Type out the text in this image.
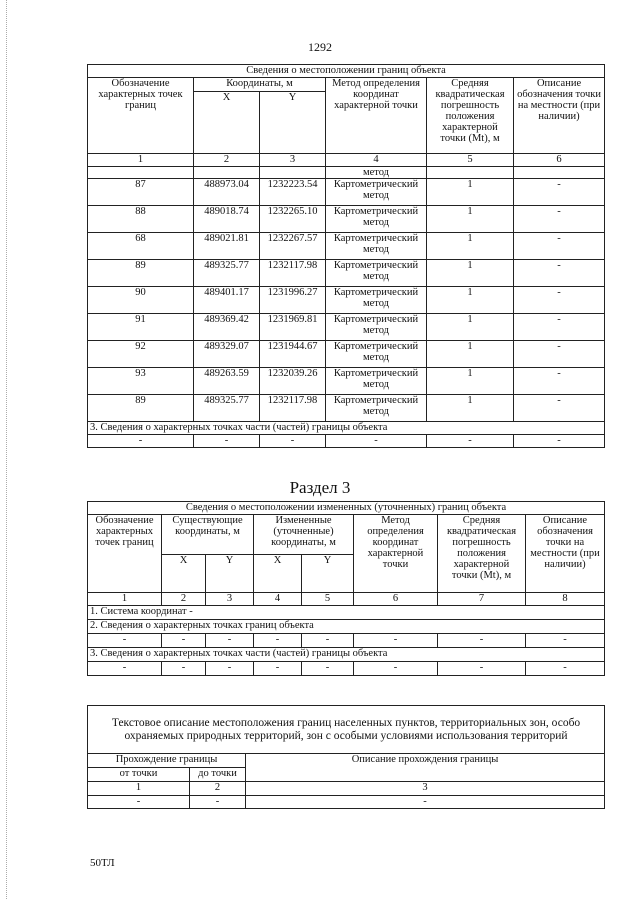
1292
Сведения о местоположении границ объекта					
Обозначение характерных точек границ	Координаты, м		Метод определения координат характерной точки	Средняя квадратическая погрешность положения характерной точки (Mt), м	Описание обозначения точки на местности (при наличии)
	X	Y			
1	2	3	4	5	6
			метод		
87	488973.04	1232223.54	Картометрический метод	1	-
88	489018.74	1232265.10	Картометрический метод	1	-
68	489021.81	1232267.57	Картометрический метод	1	-
89	489325.77	1232117.98	Картометрический метод	1	-
90	489401.17	1231996.27	Картометрический метод	1	-
91	489369.42	1231969.81	Картометрический метод	1	-
92	489329.07	1231944.67	Картометрический метод	1	-
93	489263.59	1232039.26	Картометрический метод	1	-
89	489325.77	1232117.98	Картометрический метод	1	-
3. Сведения о характерных точках части (частей) границы объекта					
-	-	-	-	-	-
Раздел 3
Сведения о местоположении измененных (уточненных) границ объекта							
Обозначение характерных точек границ	Существующие координаты, м		Измененные (уточненные) координаты, м		Метод определения координат характерной точки	Средняя квадратическая погрешность положения характерной точки (Mt), м	Описание обозначения точки на местности (при наличии)
	X	Y	X	Y			
1	2	3	4	5	6	7	8
1. Система координат -							
2. Сведения о характерных точках границ объекта							
-	-	-	-	-	-	-	-
3. Сведения о характерных точках части (частей) границы объекта							
-	-	-	-	-	-	-	-
Текстовое описание местоположения границ населенных пунктов, территориальных зон, особо охраняемых природных территорий, зон с особыми условиями использования территорий		
Прохождение границы		Описание прохождения границы
от точки	до точки	
1	2	3
-	-	-
50ТЛ
